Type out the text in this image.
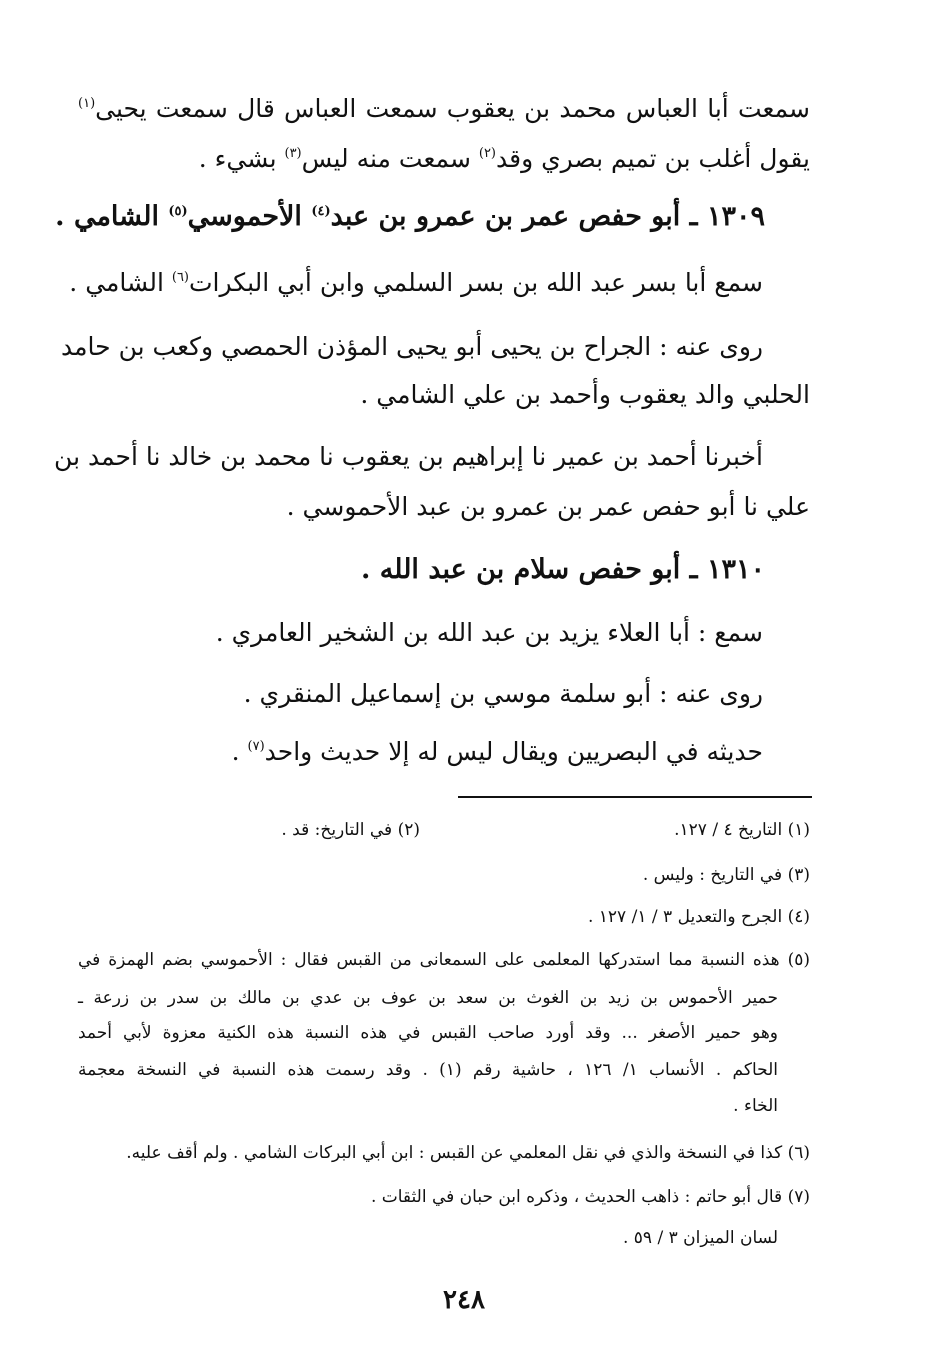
سمعت أبا العباس محمد بن يعقوب سمعت العباس قال سمعت يحيى$^{(١)}$
يقول أغلب بن تميم بصري وقد$^{(٢)}$ سمعت منه ليس$^{(٣)}$ بشيء .
١٣٠٩ ـ أبو حفص عمر بن عمرو بن عبد$^{(٤)}$ الأحموسي$^{(٥)}$ الشامي .
سمع أبا بسر عبد الله بن بسر السلمي وابن أبي البكرات$^{(٦)}$ الشامي .
روى عنه : الجراح بن يحيى أبو يحيى المؤذن الحمصي وكعب بن حامد
الحلبي والد يعقوب وأحمد بن علي الشامي .
أخبرنا أحمد بن عمير نا إبراهيم بن يعقوب نا محمد بن خالد نا أحمد بن
علي نا أبو حفص عمر بن عمرو بن عبد الأحموسي .
١٣١٠ ـ أبو حفص سلام بن عبد الله .
سمع : أبا العلاء يزيد بن عبد الله بن الشخير العامري .
روى عنه : أبو سلمة موسي بن إسماعيل المنقري .
حديثه في البصريين ويقال ليس له إلا حديث واحد$^{(٧)}$ .
(١) التاريخ ٤ / ١٢٧.
(٢) في التاريخ: قد .
(٣) في التاريخ : وليس .
(٤) الجرح والتعديل ٣ / ١/ ١٢٧ .
(٥) هذه النسبة مما استدركها المعلمى على السمعانى من القبس فقال : الأحموسي بضم الهمزة في
حمير الأحموس بن زيد بن الغوث بن سعد بن عوف بن عدي بن مالك بن سدر بن زرعة ـ
وهو حمير الأصغر ... وقد أورد صاحب القبس في هذه النسبة هذه الكنية معزوة لأبي أحمد
الحاكم . الأنساب ١/ ١٢٦ ، حاشية رقم (١) . وقد رسمت هذه النسبة في النسخة معجمة
الخاء .
(٦) كذا في النسخة والذي في نقل المعلمي عن القبس : ابن أبي البركات الشامي . ولم أقف عليه.
(٧) قال أبو حاتم : ذاهب الحديث ، وذكره ابن حبان في الثقات .
لسان الميزان ٣ / ٥٩ .
٢٤٨
